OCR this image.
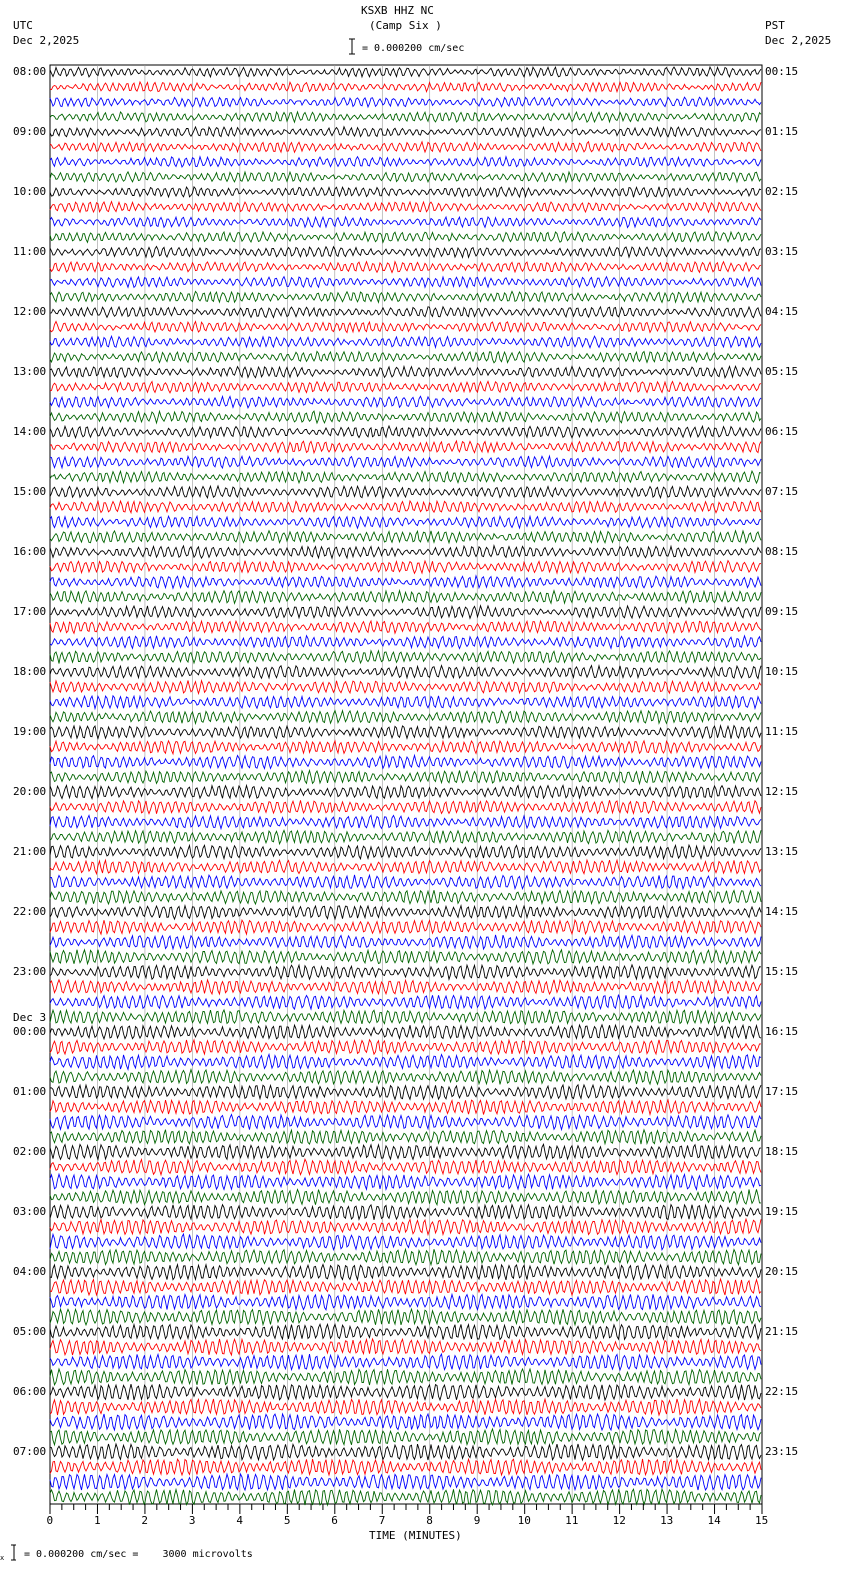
KSXB HHZ NC
(Camp Six )
UTC
Dec 2,2025
PST
Dec 2,2025
= 0.000200 cm/sec
x = 0.000200 cm/sec =    3000 microvolts
TIME (MINUTES)
08:00	00:15
09:00	01:15
10:00	02:15
11:00	03:15
12:00	04:15
13:00	05:15
14:00	06:15
15:00	07:15
16:00	08:15
17:00	09:15
18:00	10:15
19:00	11:15
20:00	12:15
21:00	13:15
22:00	14:15
23:00	15:15
00:00	16:15
Dec 3
01:00	17:15
02:00	18:15
03:00	19:15
04:00	20:15
05:00	21:15
06:00	22:15
07:00	23:15
0	1	2	3	4	5	6	7	8	9	10	11	12	13	14	15
